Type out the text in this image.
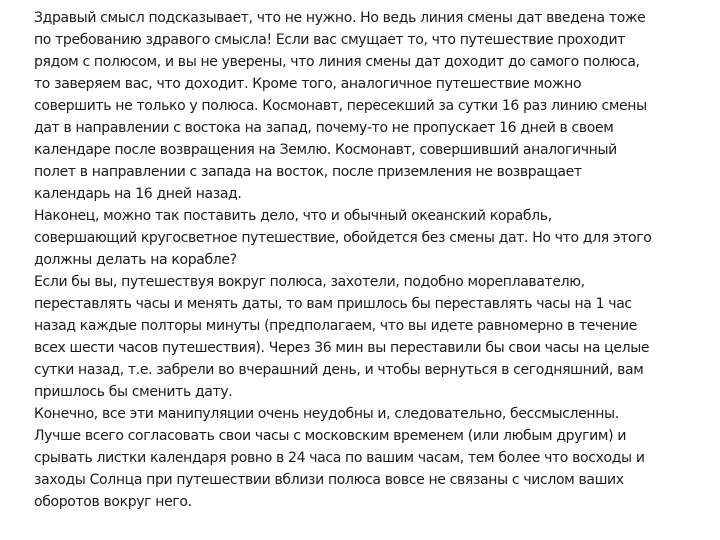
Здравый смысл подсказывает, что не нужно. Но ведь линия смены дат введена тоже
по требованию здравого смысла! Если вас смущает то, что путешествие проходит
рядом с полюсом, и вы не уверены, что линия смены дат доходит до самого полюса,
то заверяем вас, что доходит. Кроме того, аналогичное путешествие можно
совершить не только у полюса. Космонавт, пересекший за сутки 16 раз линию смены
дат в направлении с востока на запад, почему-то не пропускает 16 дней в своем
календаре после возвращения на Землю. Космонавт, совершивший аналогичный
полет в направлении с запада на восток, после приземления не возвращает
календарь на 16 дней назад.
Наконец, можно так поставить дело, что и обычный океанский корабль,
совершающий кругосветное путешествие, обойдется без смены дат. Но что для этого
должны делать на корабле?
Если бы вы, путешествуя вокруг полюса, захотели, подобно мореплавателю,
переставлять часы и менять даты, то вам пришлось бы переставлять часы на 1 час
назад каждые полторы минуты (предполагаем, что вы идете равномерно в течение
всех шести часов путешествия). Через 36 мин вы переставили бы свои часы на целые
сутки назад, т.е. забрели во вчерашний день, и чтобы вернуться в сегодняшний, вам
пришлось бы сменить дату.
Конечно, все эти манипуляции очень неудобны и, следовательно, бессмысленны.
Лучше всего согласовать свои часы с московским временем (или любым другим) и
срывать листки календаря ровно в 24 часа по вашим часам, тем более что восходы и
заходы Солнца при путешествии вблизи полюса вовсе не связаны с числом ваших
оборотов вокруг него.
